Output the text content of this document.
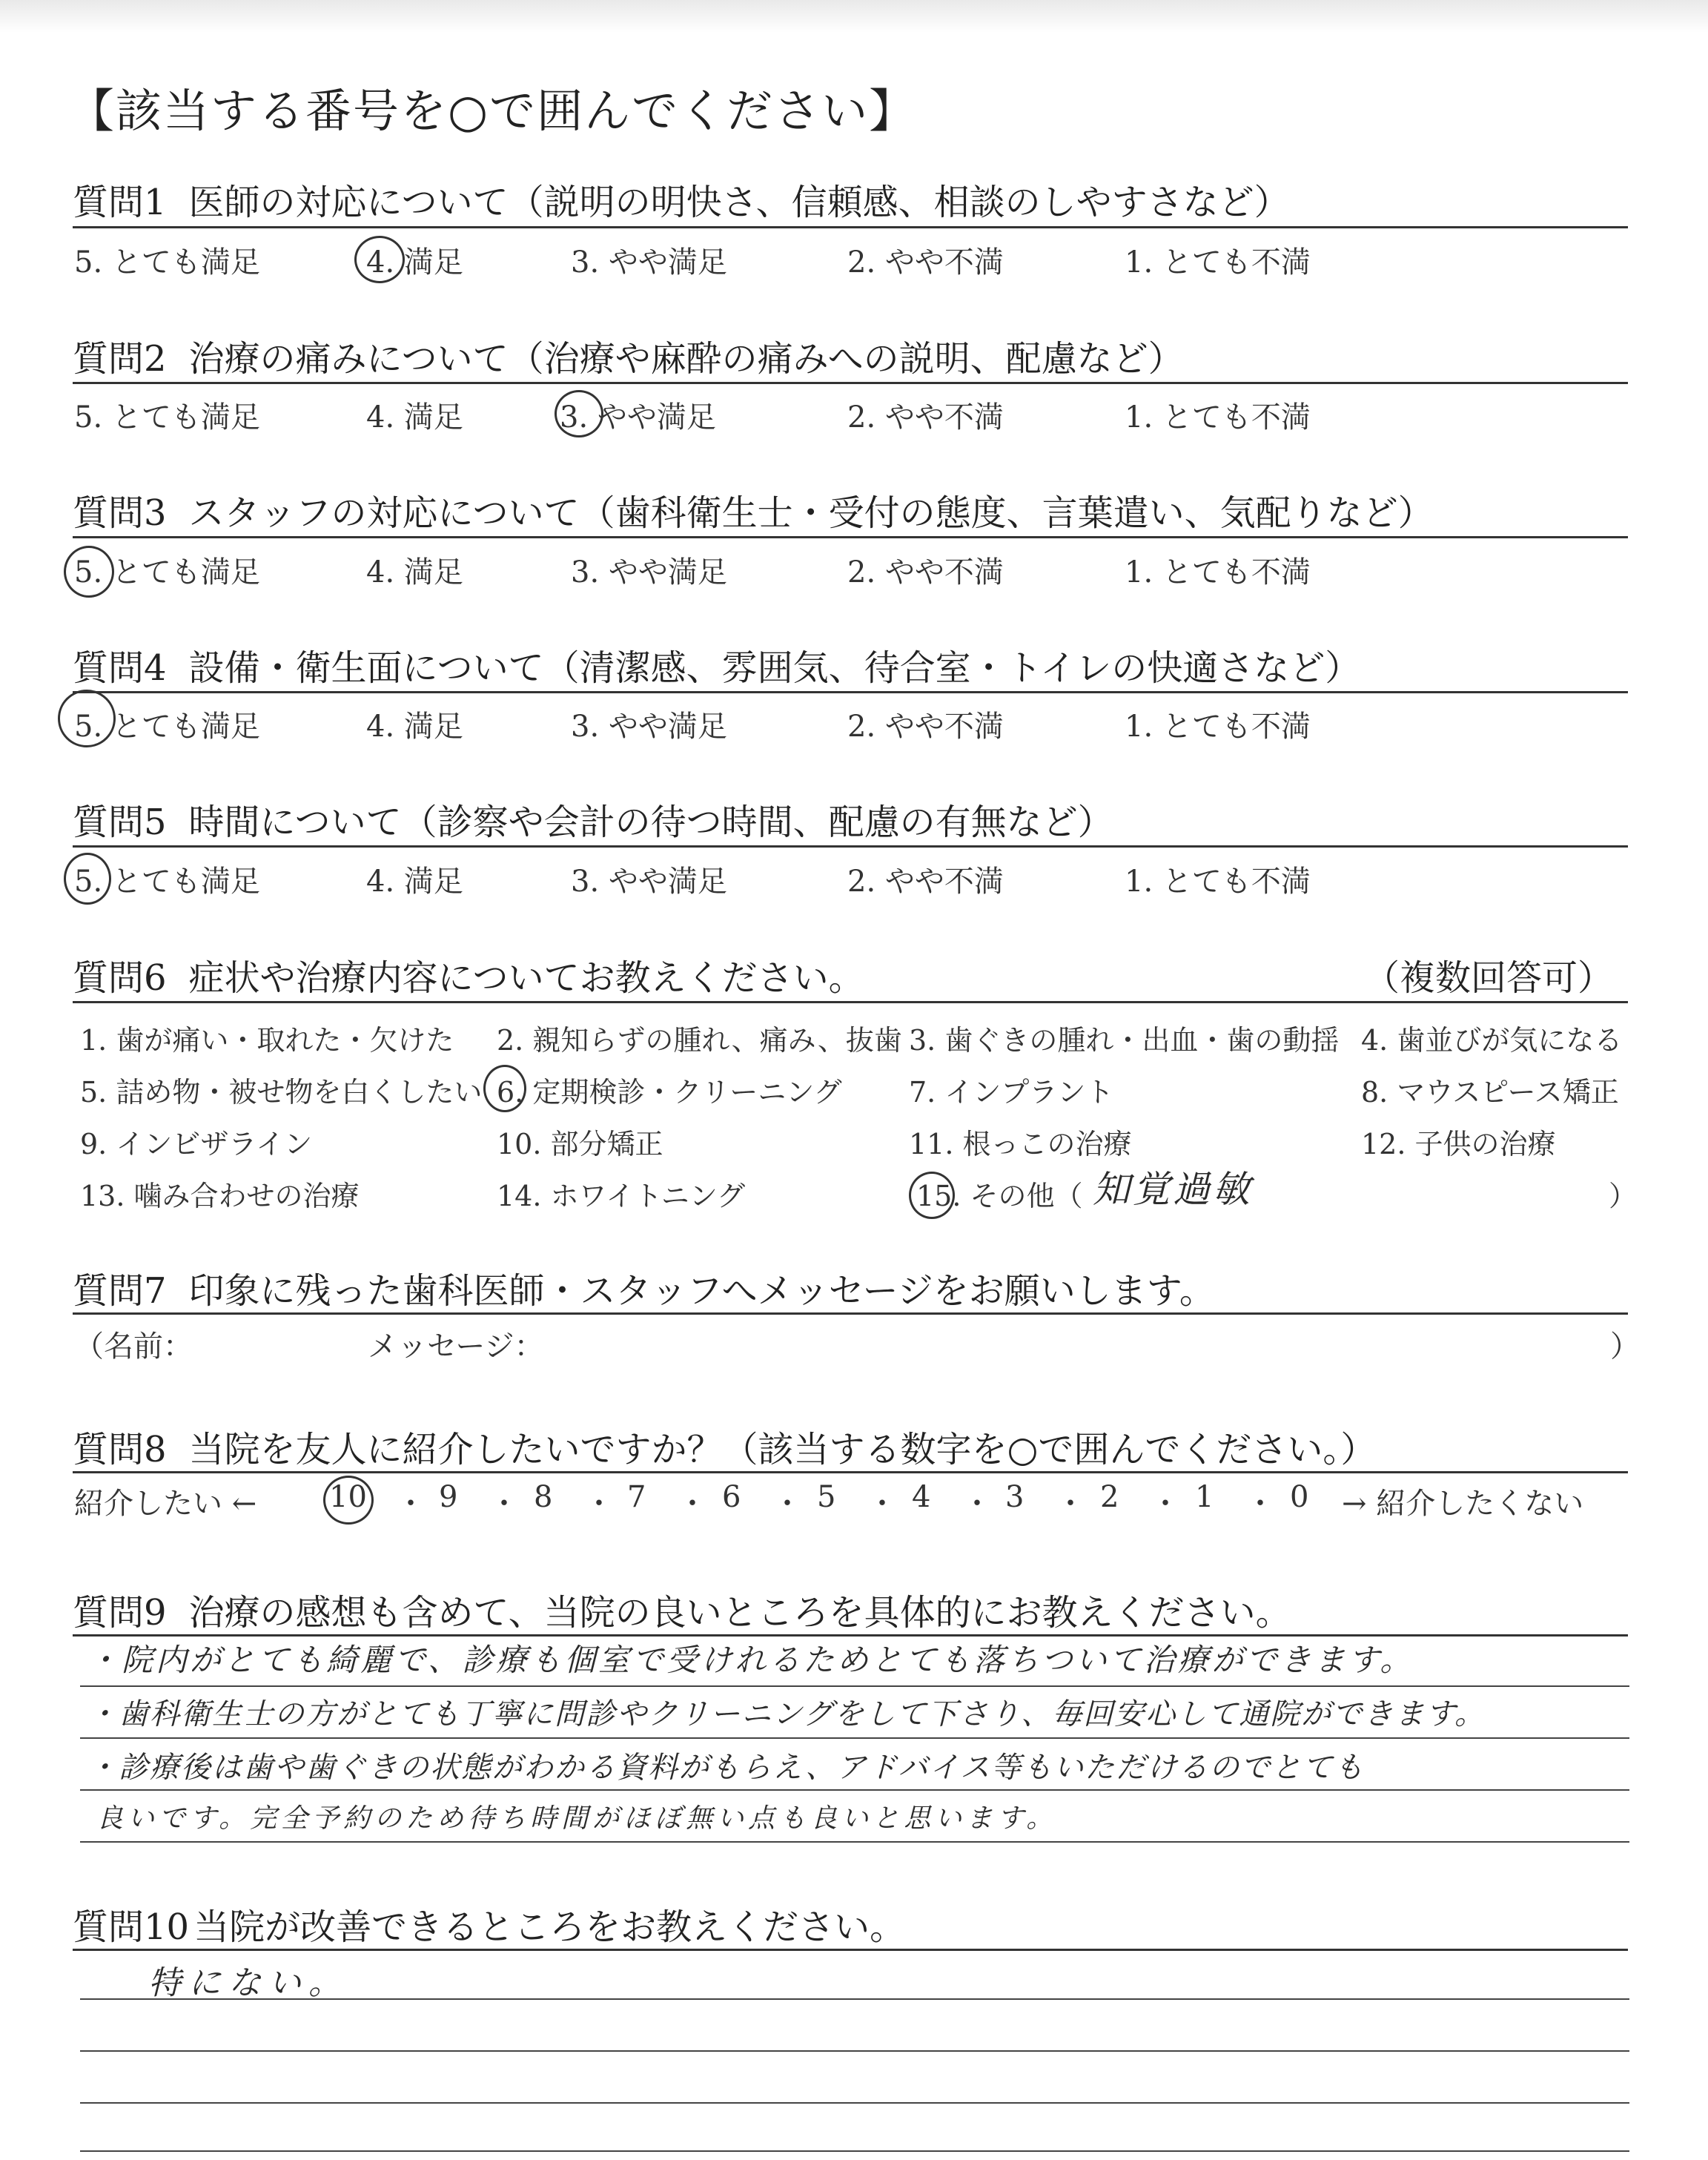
【該当する番号を○で囲んでください】
質問1 医師の対応について（説明の明快さ、信頼感、相談のしやすさなど）
5. とても満足	4. 満足	3. やや満足	2. やや不満	1. とても不満
質問2 治療の痛みについて（治療や麻酔の痛みへの説明、配慮など）
5. とても満足	4. 満足	3. やや満足	2. やや不満	1. とても不満
質問3 スタッフの対応について（歯科衛生士・受付の態度、言葉遣い、気配りなど）
5. とても満足	4. 満足	3. やや満足	2. やや不満	1. とても不満
質問4 設備・衛生面について（清潔感、雰囲気、待合室・トイレの快適さなど）
5. とても満足	4. 満足	3. やや満足	2. やや不満	1. とても不満
質問5 時間について（診察や会計の待つ時間、配慮の有無など）
5. とても満足	4. 満足	3. やや満足	2. やや不満	1. とても不満
質問6 症状や治療内容についてお教えください。	（複数回答可）
1. 歯が痛い・取れた・欠けた 2. 親知らずの腫れ、痛み、抜歯 3. 歯ぐきの腫れ・出血・歯の動揺 4. 歯並びが気になる
5. 詰め物・被せ物を白くしたい 6. 定期検診・クリーニング 7. インプラント	8. マウスピース矯正
9. インビザライン	10. 部分矯正	11. 根っこの治療	12. 子供の治療
13. 噛み合わせの治療	14. ホワイトニング	15. その他（ 知覚過敏	）
質問7 印象に残った歯科医師・スタッフへメッセージをお願いします。
（名前：	メッセージ：	）
質問8 当院を友人に紹介したいですか？（該当する数字を○で囲んでください。）
紹介したい ← 10 ・ 9 ・ 8 ・ 7 ・ 6 ・ 5 ・ 4 ・ 3 ・ 2 ・ 1 ・ 0 → 紹介したくない
質問9 治療の感想も含めて、当院の良いところを具体的にお教えください。
・院内がとても綺麗で、診療も個室で受けれるためとても落ちついて治療ができます。
・歯科衛生士の方がとても丁寧に問診やクリーニングをして下さり、毎回安心して通院ができます。
・診療後は歯や歯ぐきの状態がわかる資料がもらえ、アドバイス等もいただけるのでとても
良いです。完全予約のため待ち時間がほぼ無い点も良いと思います。
質問10 当院が改善できるところをお教えください。
特にない。
